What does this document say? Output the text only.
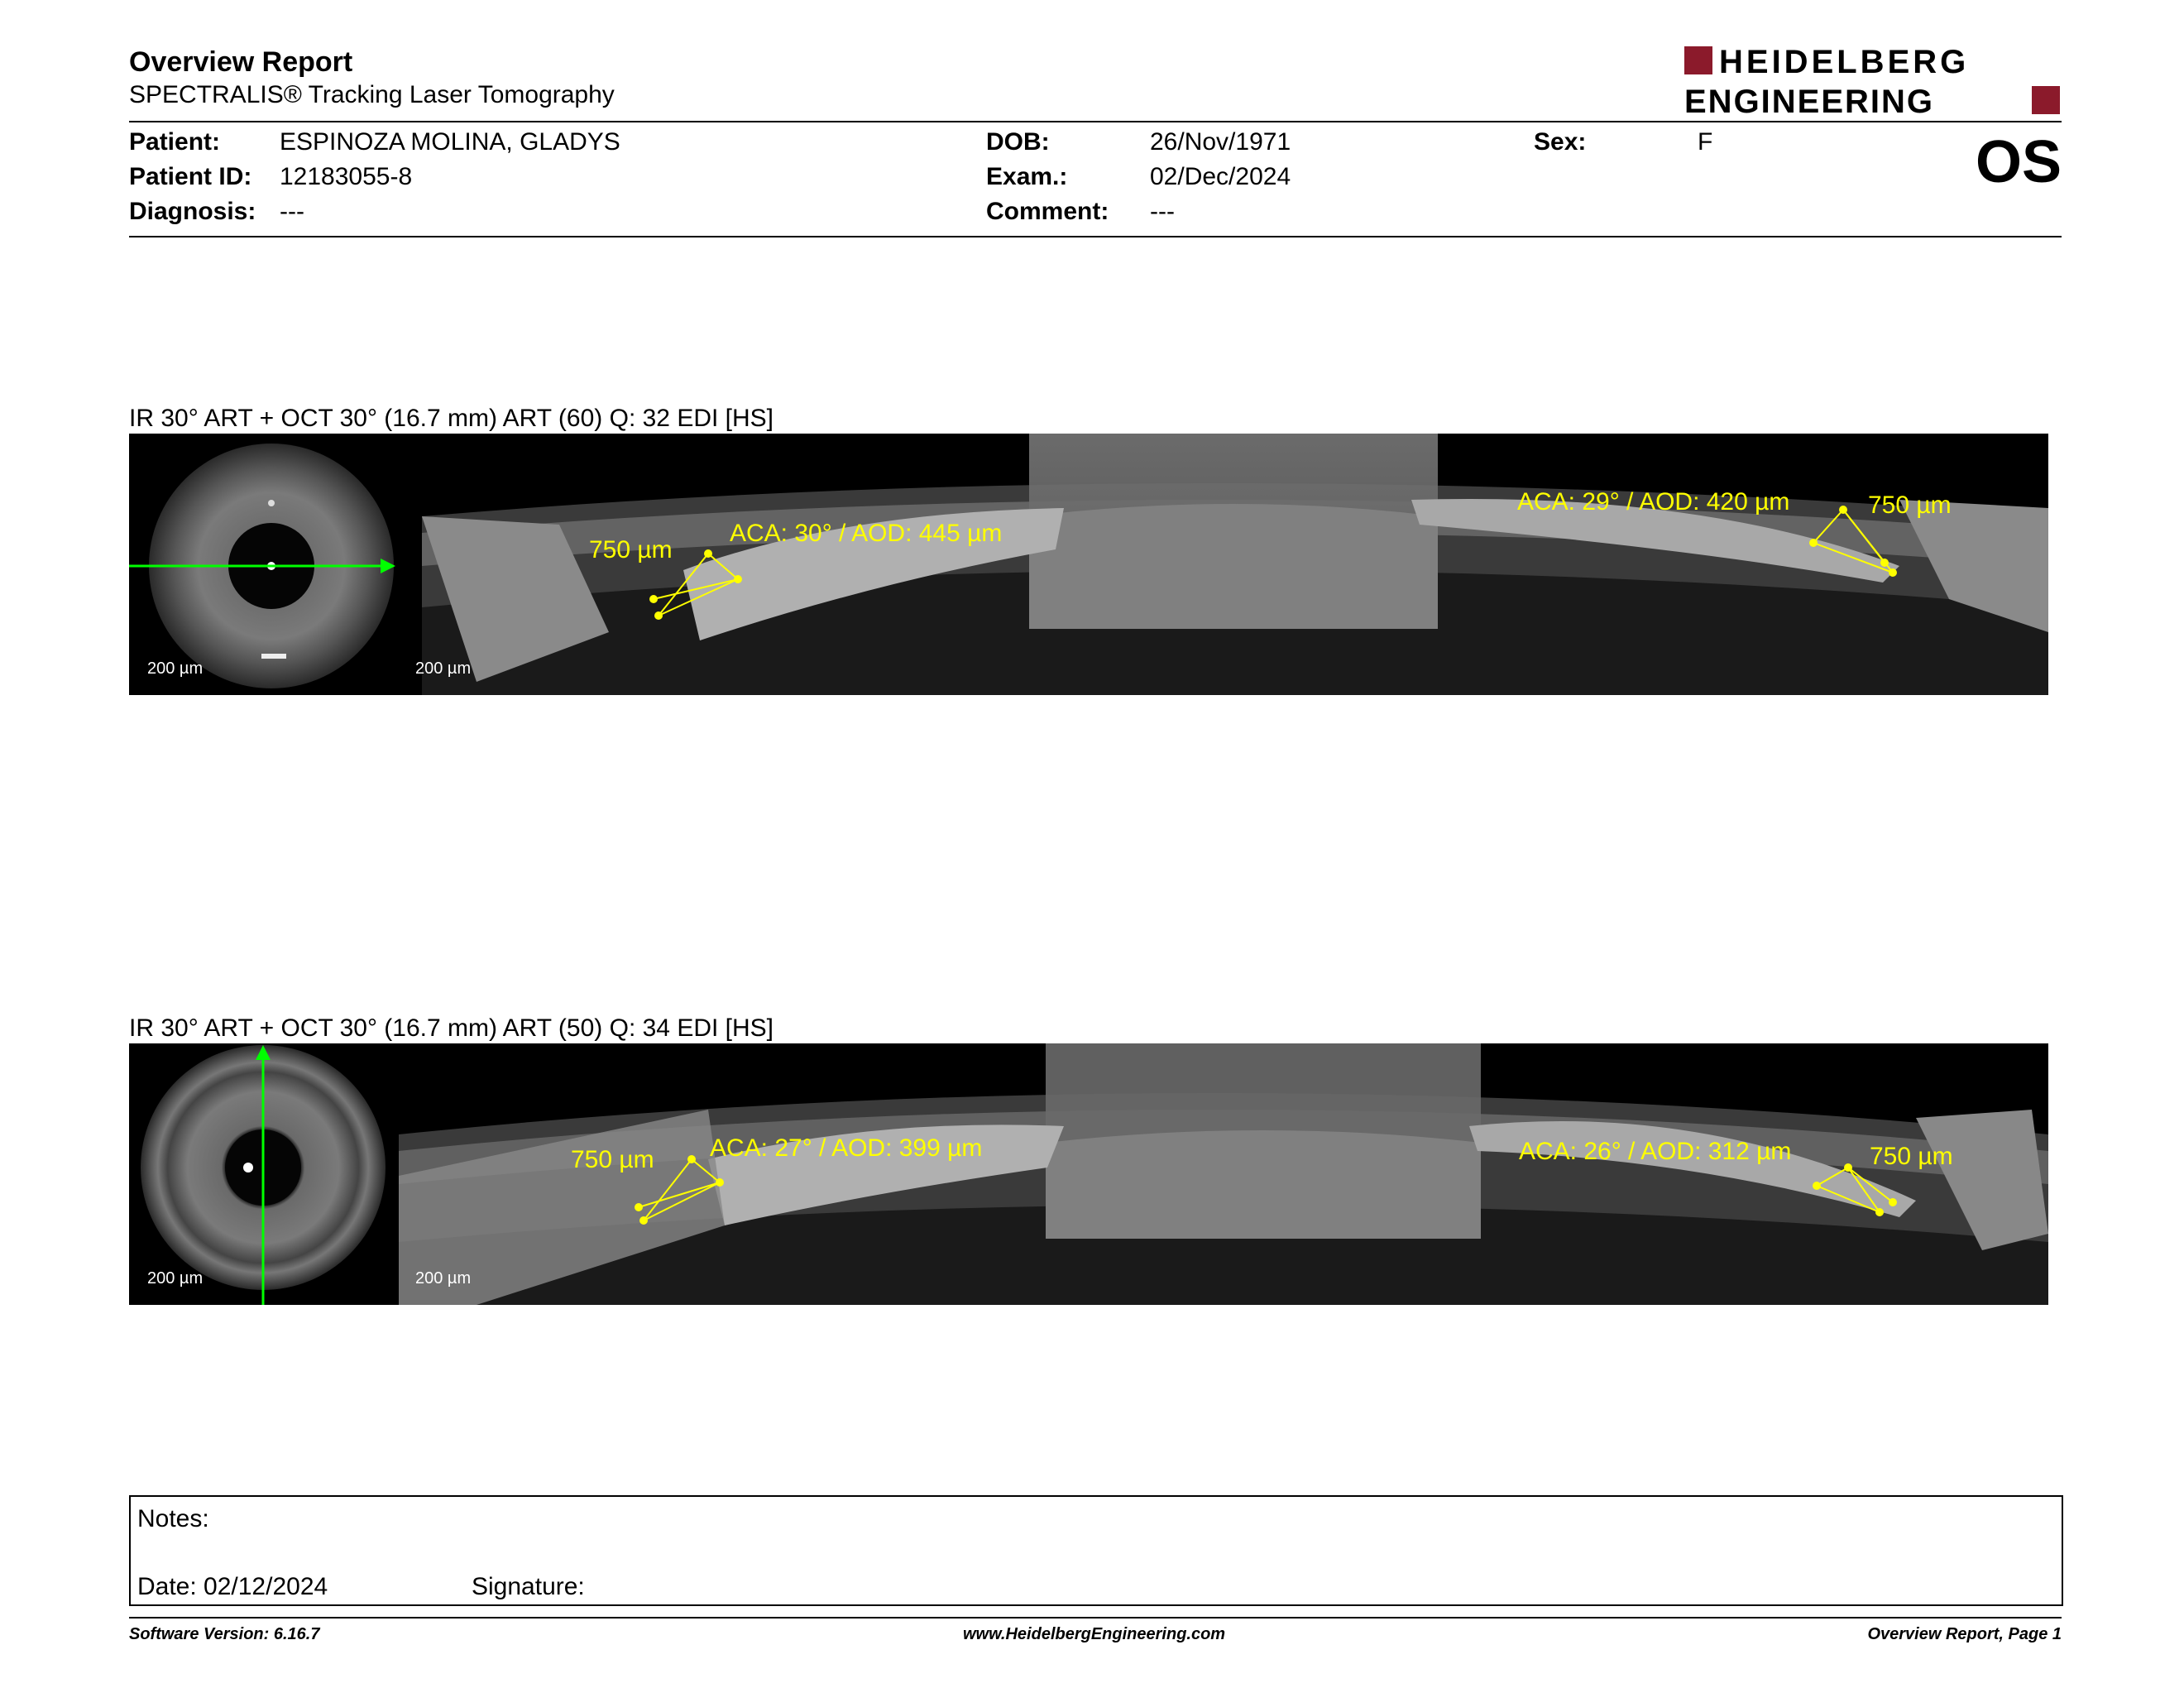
Overview Report
SPECTRALIS® Tracking Laser Tomography
HEIDELBERG
ENGINEERING
Patient: ESPINOZA MOLINA, GLADYS
Patient ID: 12183055-8
Diagnosis: ---
DOB:	26/Nov/1971
Exam.:	02/Dec/2024
Comment: ---
Sex:	F	OS
IR 30° ART + OCT 30° (16.7 mm) ART (60) Q: 32 EDI [HS]
200 µm	200 µm
750 µm
ACA: 30° / AOD: 445 µm
ACA: 29° / AOD: 420 µm	750 µm
IR 30° ART + OCT 30° (16.7 mm) ART (50) Q: 34 EDI [HS]
200 µm	200 µm
750 µm ACA: 27° / AOD: 399 µm	ACA: 26° / AOD: 312 µm	750 µm
Notes:
Date: 02/12/2024	Signature:
Software Version: 6.16.7	www.HeidelbergEngineering.com	Overview Report, Page 1
